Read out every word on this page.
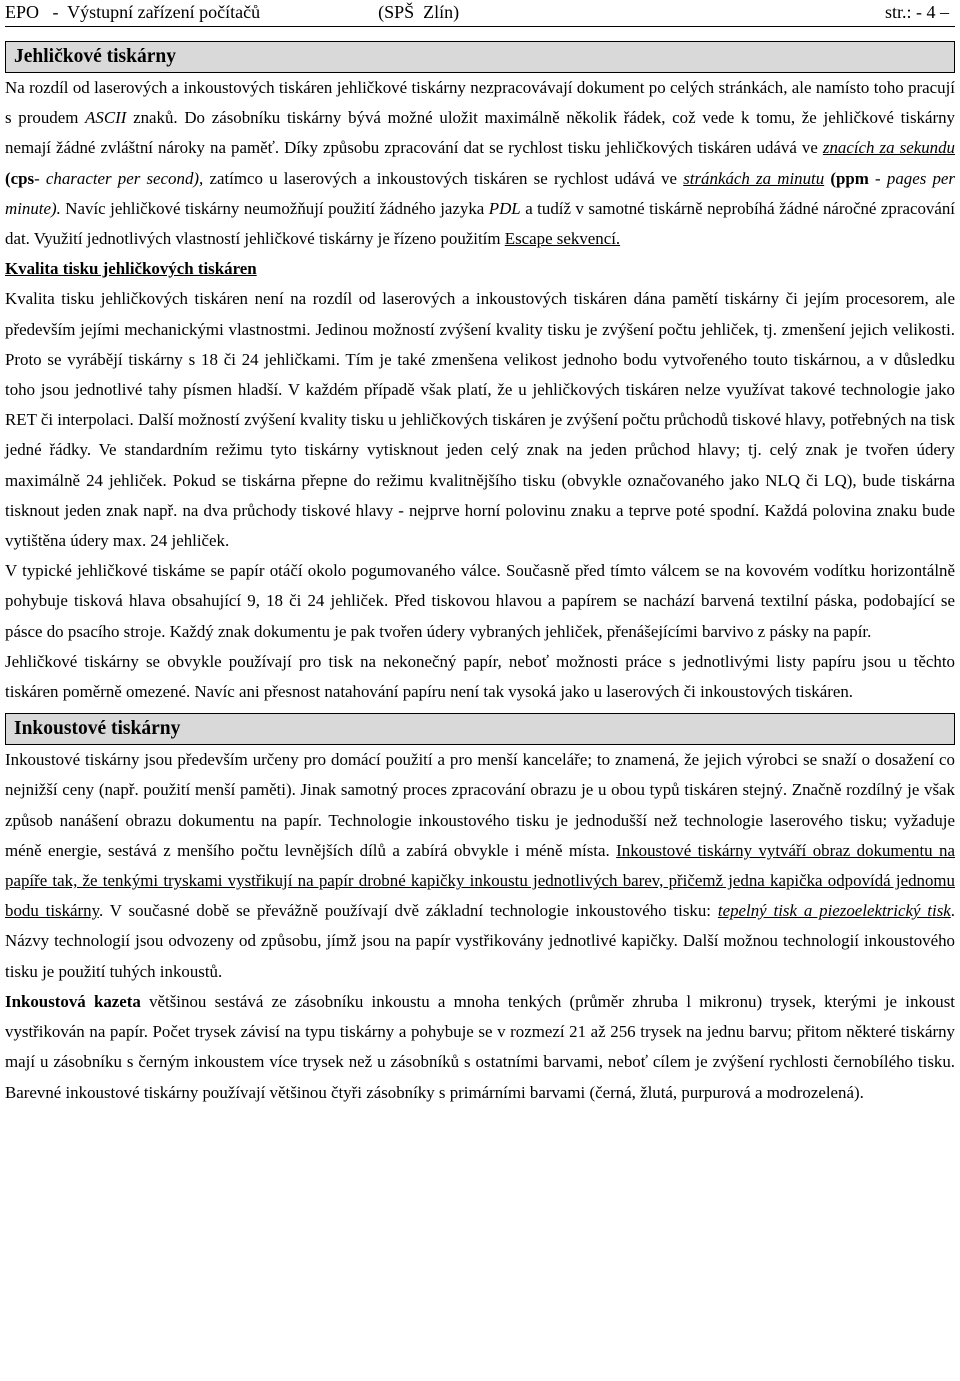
EPO   -  Výstupní zařízení počítačů	(SPŠ  Zlín)	str.: - 4 –
Jehličkové tiskárny

Na rozdíl od laserových a inkoustových tiskáren jehličkové tiskárny nezpracovávají dokument po celých stránkách, ale namísto toho pracují s proudem ASCII znaků. Do zásobníku tiskárny bývá možné uložit maximálně několik řádek, což vede k tomu, že jehličkové tiskárny nemají žádné zvláštní nároky na paměť. Díky způsobu zpracování dat se rychlost tisku jehličkových tiskáren udává ve znacích za sekundu (cps- character per second), zatímco u laserových a inkoustových tiskáren se rychlost udává ve stránkách za minutu (ppm - pages per minute). Navíc jehličkové tiskárny neumožňují použití žádného jazyka PDL a tudíž v samotné tiskárně neprobíhá žádné náročné zpracování dat. Využití jednotlivých vlastností jehličkové tiskárny je řízeno použitím Escape sekvencí.

Kvalita tisku jehličkových tiskáren

Kvalita tisku jehličkových tiskáren není na rozdíl od laserových a inkoustových tiskáren dána pamětí tiskárny či jejím procesorem, ale především jejími mechanickými vlastnostmi. Jedinou možností zvýšení kvality tisku je zvýšení počtu jehliček, tj. zmenšení jejich velikosti. Proto se vyrábějí tiskárny s 18 či 24 jehličkami. Tím je také zmenšena velikost jednoho bodu vytvořeného touto tiskárnou, a v důsledku toho jsou jednotlivé tahy písmen hladší. V každém případě však platí, že u jehličkových tiskáren nelze využívat takové technologie jako RET či interpolaci. Další možností zvýšení kvality tisku u jehličkových tiskáren je zvýšení počtu průchodů tiskové hlavy, potřebných na tisk jedné řádky. Ve standardním režimu tyto tiskárny vytisknout jeden celý znak na jeden průchod hlavy; tj. celý znak je tvořen údery maximálně 24 jehliček. Pokud se tiskárna přepne do režimu kvalitnějšího tisku (obvykle označovaného jako NLQ či LQ), bude tiskárna tisknout jeden znak např. na dva průchody tiskové hlavy - nejprve horní polovinu znaku a teprve poté spodní. Každá polovina znaku bude vytištěna údery max. 24 jehliček.

V typické jehličkové tiskáme se papír otáčí okolo pogumovaného válce. Současně před tímto válcem se na kovovém vodítku horizontálně pohybuje tisková hlava obsahující 9, 18 či 24 jehliček. Před tiskovou hlavou a papírem se nachází barvená textilní páska, podobající se pásce do psacího stroje. Každý znak dokumentu je pak tvořen údery vybraných jehliček, přenášejícími barvivo z pásky na papír.

Jehličkové tiskárny se obvykle používají pro tisk na nekonečný papír, neboť možnosti práce s jednotlivými listy papíru jsou u těchto tiskáren poměrně omezené. Navíc ani přesnost natahování papíru není tak vysoká jako u laserových či inkoustových tiskáren.

Inkoustové tiskárny

Inkoustové tiskárny jsou především určeny pro domácí použití a pro menší kanceláře; to znamená, že jejich výrobci se snaží o dosažení co nejnižší ceny (např. použití menší paměti). Jinak samotný proces zpracování obrazu je u obou typů tiskáren stejný. Značně rozdílný je však způsob nanášení obrazu dokumentu na papír. Technologie inkoustového tisku je jednodušší než technologie laserového tisku; vyžaduje méně energie, sestává z menšího počtu levnějších dílů a zabírá obvykle i méně místa. Inkoustové tiskárny vytváří obraz dokumentu na papíře tak, že tenkými tryskami vystřikují na papír drobné kapičky inkoustu jednotlivých barev, přičemž jedna kapička odpovídá jednomu bodu tiskárny. V současné době se převážně používají dvě základní technologie inkoustového tisku: tepelný tisk a piezoelektrický tisk. Názvy technologií jsou odvozeny od způsobu, jímž jsou na papír vystřikovány jednotlivé kapičky. Další možnou technologií inkoustového tisku je použití tuhých inkoustů.

Inkoustová kazeta většinou sestává ze zásobníku inkoustu a mnoha tenkých (průměr zhruba l mikronu) trysek, kterými je inkoust vystřikován na papír. Počet trysek závisí na typu tiskárny a pohybuje se v rozmezí 21 až 256 trysek na jednu barvu; přitom některé tiskárny mají u zásobníku s černým inkoustem více trysek než u zásobníků s ostatními barvami, neboť cílem je zvýšení rychlosti černobílého tisku. Barevné inkoustové tiskárny používají většinou čtyři zásobníky s primárními barvami (černá, žlutá, purpurová a modrozelená).
